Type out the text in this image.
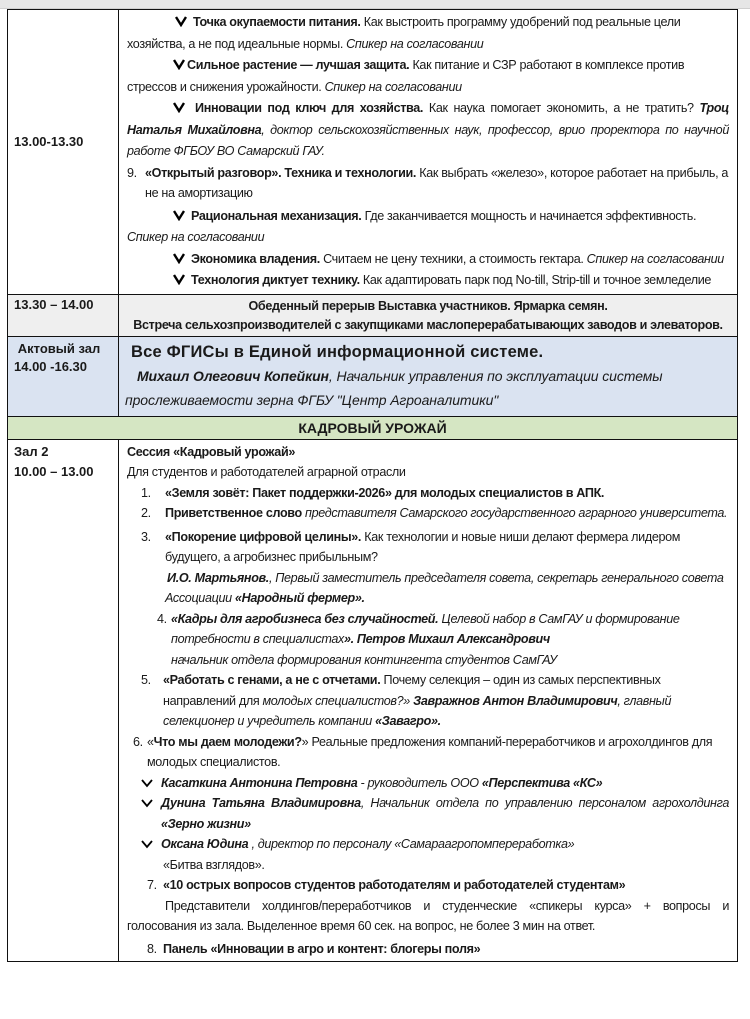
13.00-13.30

Точка окупаемости питания. Как выстроить программу удобрений под реальные цели хозяйства, а не под идеальные нормы. Спикер на согласовании
Сильное растение — лучшая защита. Как питание и СЗР работают в комплексе против стрессов и снижения урожайности. Спикер на согласовании
Инновации под ключ для хозяйства. Как наука помогает экономить, а не тратить? Троц Наталья Михайловна, доктор сельскохозяйственных наук, профессор, врио проректора по научной работе ФГБОУ ВО Самарский ГАУ.
9. «Открытый разговор». Техника и технологии. Как выбрать «железо», которое работает на прибыль, а не на амортизацию
Рациональная механизация. Где заканчивается мощность и начинается эффективность. Спикер на согласовании
Экономика владения. Считаем не цену техники, а стоимость гектара. Спикер на согласовании
Технология диктует технику. Как адаптировать парк под No-till, Strip-till и точное земледелие

13.30 – 14.00	Обеденный перерыв Выставка участников. Ярмарка семян.
Встреча сельхозпроизводителей с закупщиками маслоперерабатывающих заводов и элеваторов.

Актовый зал
14.00 -16.30

Все ФГИСы в Единой информационной системе.
Михаил Олегович Копейкин, Начальник управления по эксплуатации системы прослеживаемости зерна ФГБУ "Центр Агроаналитики"

КАДРОВЫЙ УРОЖАЙ	

Зал 2
10.00 – 13.00

Сессия «Кадровый урожай»
Для студентов и работодателей аграрной отрасли
1.	«Земля зовёт: Пакет поддержки-2026» для молодых специалистов в АПК.
2.	Приветственное слово представителя Самарского государственного аграрного университета.
3.	«Покорение цифровой целины». Как технологии и новые ниши делают фермера лидером будущего, а агробизнес прибыльным?
И.О. Мартьянов., Первый заместитель председателя совета, секретарь генерального совета Ассоциации «Народный фермер».
4. «Кадры для агробизнеса без случайностей. Целевой набор в СамГАУ и формирование потребности в специалистах». Петров Михаил Александрович
начальник отдела формирования контингента студентов СамГАУ
5. «Работать с генами, а не с отчетами. Почему селекция – один из самых перспективных направлений для молодых специалистов?» Завражнов Антон Владимирович, главный селекционер и учредитель компании «Завагро».
6. «Что мы даем молодежи?» Реальные предложения компаний-переработчиков и агрохолдингов для молодых специалистов.
Касаткина Антонина Петровна - руководитель ООО «Перспектива «КС»
Дунина Татьяна Владимировна, Начальник отдела по управлению персоналом агрохолдинга «Зерно жизни»
Оксана Юдина , директор по персоналу «Самараагропомпереработка»
«Битва взглядов».
7. «10 острых вопросов студентов работодателям и работодателей студентам»
Представители холдингов/переработчиков и студенческие «спикеры курса» + вопросы и голосования из зала. Выделенное время 60 сек. на вопрос, не более 3 мин на ответ.
8. Панель «Инновации в агро и контент: блогеры поля»
